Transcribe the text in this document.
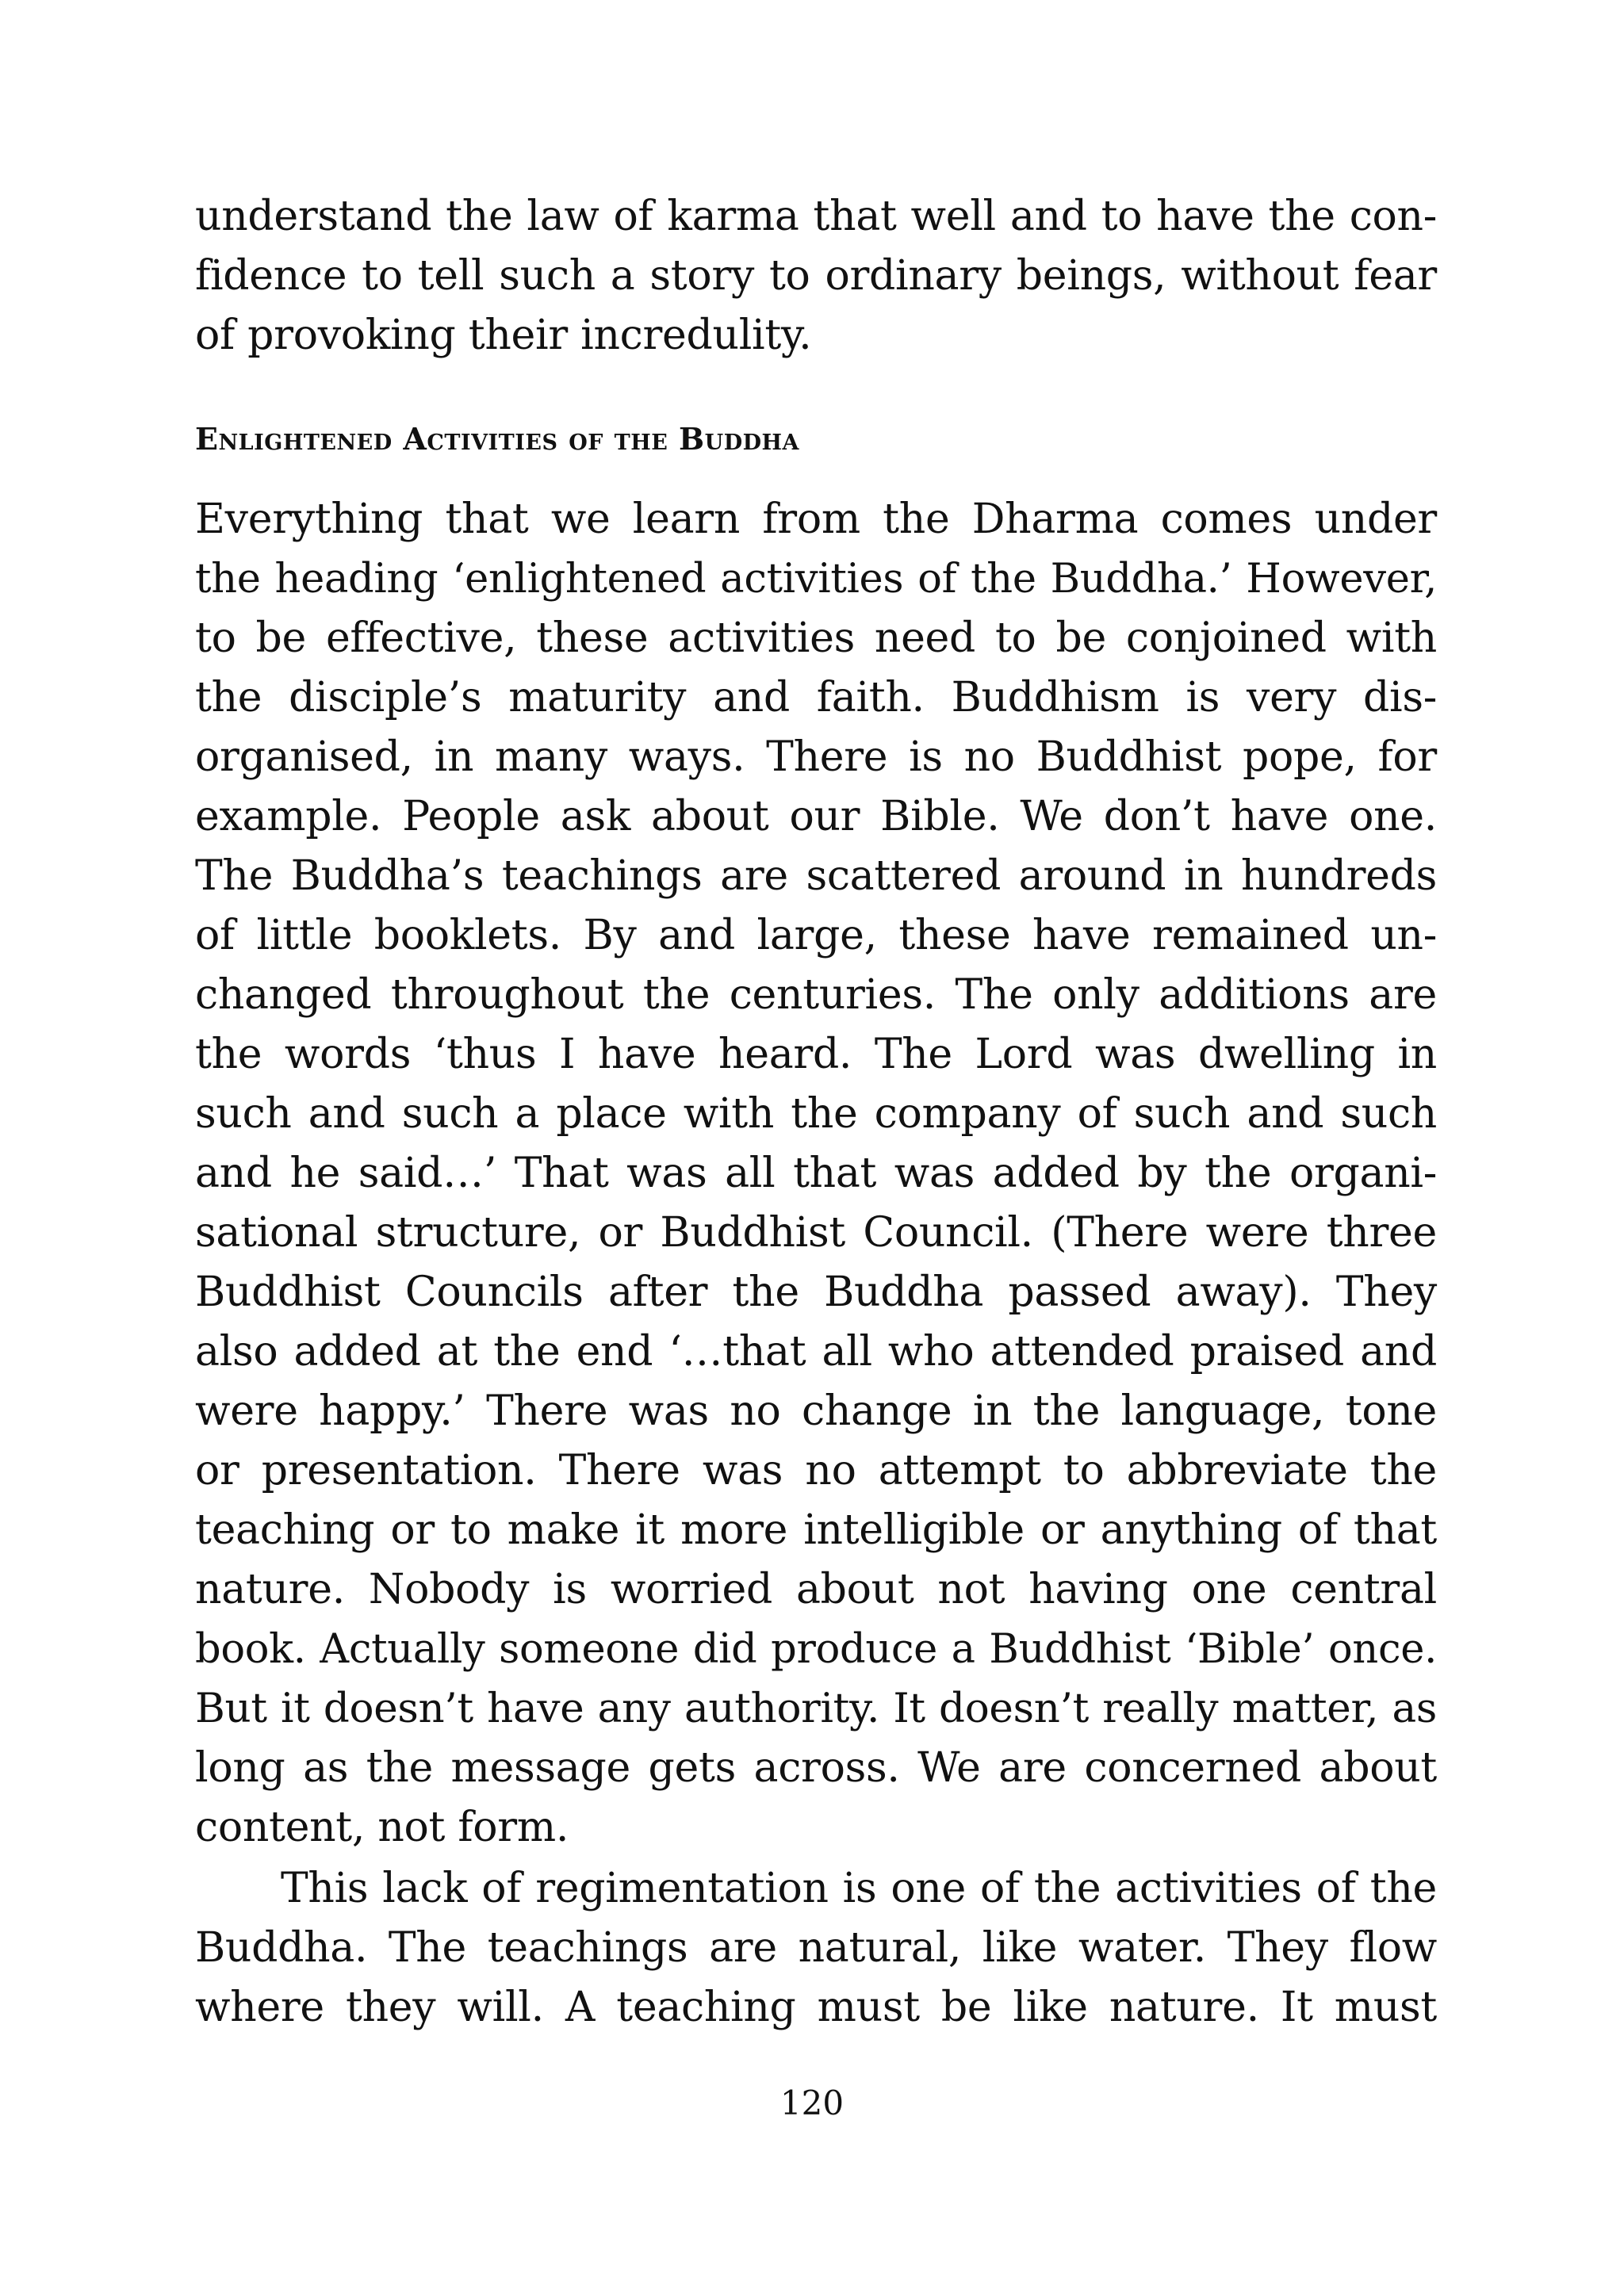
understand the law of karma that well and to have the con-
fidence to tell such a story to ordinary beings, without fear
of provoking their incredulity.
Enlightened Activities of the Buddha
Everything that we learn from the Dharma comes under
the heading ‘enlightened activities of the Buddha.’ However,
to be effective, these activities need to be conjoined with
the disciple’s maturity and faith. Buddhism is very dis-
organised, in many ways. There is no Buddhist pope, for
example. People ask about our Bible. We don’t have one.
The Buddha’s teachings are scattered around in hundreds
of little booklets. By and large, these have remained un-
changed throughout the centuries. The only additions are
the words ‘thus I have heard. The Lord was dwelling in
such and such a place with the company of such and such
and he said…’ That was all that was added by the organi-
sational structure, or Buddhist Council. (There were three
Buddhist Councils after the Buddha passed away). They
also added at the end ‘…that all who attended praised and
were happy.’ There was no change in the language, tone
or presentation. There was no attempt to abbreviate the
teaching or to make it more intelligible or anything of that
nature. Nobody is worried about not having one central
book. Actually someone did produce a Buddhist ‘Bible’ once.
But it doesn’t have any authority. It doesn’t really matter, as
long as the message gets across. We are concerned about
content, not form.
This lack of regimentation is one of the activities of the
Buddha. The teachings are natural, like water. They flow
where they will. A teaching must be like nature. It must
120
